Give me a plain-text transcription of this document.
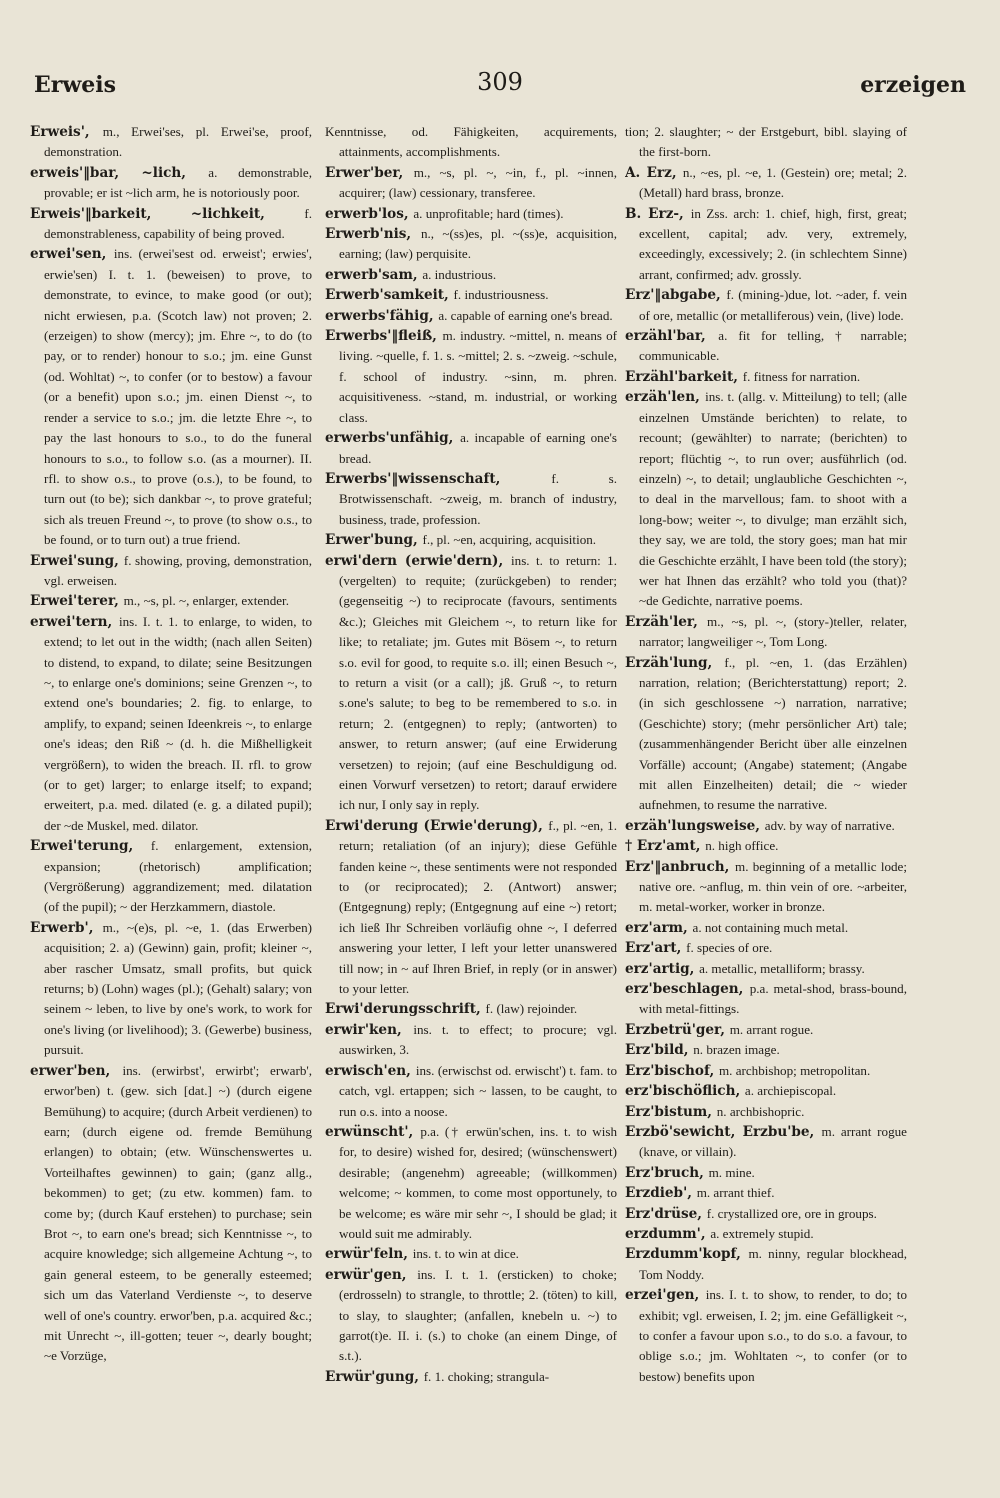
Erweis	309	erzeigen

Erweis', m., Erwei'ses, pl. Erwei'se, proof, demonstration.

erweis'‖bar, ~lich, a. demonstrable, provable; er ist ~lich arm, he is notoriously poor.

Erweis'‖barkeit, ~lichkeit, f. demonstrableness, capability of being proved.

erwei'sen, ins. (erwei'sest od. erweist'; erwies', erwie'sen) I. t. 1. (beweisen) to prove, to demonstrate, to evince, to make good (or out); nicht erwiesen, p.a. (Scotch law) not proven; 2. (erzeigen) to show (mercy); jm. Ehre ~, to do (to pay, or to render) honour to s.o.; jm. eine Gunst (od. Wohltat) ~, to confer (or to bestow) a favour (or a benefit) upon s.o.; jm. einen Dienst ~, to render a service to s.o.; jm. die letzte Ehre ~, to pay the last honours to s.o., to do the funeral honours to s.o., to follow s.o. (as a mourner). II. rfl. to show o.s., to prove (o.s.), to be found, to turn out (to be); sich dankbar ~, to prove grateful; sich als treuen Freund ~, to prove (to show o.s., to be found, or to turn out) a true friend.

Erwei'sung, f. showing, proving, demonstration, vgl. erweisen.

Erwei'terer, m., ~s, pl. ~, enlarger, extender.

erwei'tern, ins. I. t. 1. to enlarge, to widen, to extend; to let out in the width; (nach allen Seiten) to distend, to expand, to dilate; seine Besitzungen ~, to enlarge one's dominions; seine Grenzen ~, to extend one's boundaries; 2. fig. to enlarge, to amplify, to expand; seinen Ideenkreis ~, to enlarge one's ideas; den Riß ~ (d. h. die Mißhelligkeit vergrößern), to widen the breach. II. rfl. to grow (or to get) larger; to enlarge itself; to expand; erweitert, p.a. med. dilated (e. g. a dilated pupil); der ~de Muskel, med. dilator.

Erwei'terung, f. enlargement, extension, expansion; (rhetorisch) amplification; (Vergrößerung) aggrandizement; med. dilatation (of the pupil); ~ der Herzkammern, diastole.

Erwerb', m., ~(e)s, pl. ~e, 1. (das Erwerben) acquisition; 2. a) (Gewinn) gain, profit; kleiner ~, aber rascher Umsatz, small profits, but quick returns; b) (Lohn) wages (pl.); (Gehalt) salary; von seinem ~ leben, to live by one's work, to work for one's living (or livelihood); 3. (Gewerbe) business, pursuit.

erwer'ben, ins. (erwirbst', erwirbt'; erwarb', erwor'ben) t. (gew. sich [dat.] ~) (durch eigene Bemühung) to acquire; (durch Arbeit verdienen) to earn; (durch eigene od. fremde Bemühung erlangen) to obtain; (etw. Wünschenswertes u. Vorteilhaftes gewinnen) to gain; (ganz allg., bekommen) to get; (zu etw. kommen) fam. to come by; (durch Kauf erstehen) to purchase; sein Brot ~, to earn one's bread; sich Kenntnisse ~, to acquire knowledge; sich allgemeine Achtung ~, to gain general esteem, to be generally esteemed; sich um das Vaterland Verdienste ~, to deserve well of one's country. erwor'ben, p.a. acquired &c.; mit Unrecht ~, ill-gotten; teuer ~, dearly bought; ~e Vorzüge,

Kenntnisse, od. Fähigkeiten, acquirements, attainments, accomplishments.

Erwer'ber, m., ~s, pl. ~, ~in, f., pl. ~innen, acquirer; (law) cessionary, transferee.

erwerb'los, a. unprofitable; hard (times).

Erwerb'nis, n., ~(ss)es, pl. ~(ss)e, acquisition, earning; (law) perquisite.

erwerb'sam, a. industrious.

Erwerb'samkeit, f. industriousness.

erwerbs'fähig, a. capable of earning one's bread.

Erwerbs'‖fleiß, m. industry. ~mittel, n. means of living. ~quelle, f. 1. s. ~mittel; 2. s. ~zweig. ~schule, f. school of industry. ~sinn, m. phren. acquisitiveness. ~stand, m. industrial, or working class.

erwerbs'unfähig, a. incapable of earning one's bread.

Erwerbs'‖wissenschaft, f. s. Brotwissenschaft. ~zweig, m. branch of industry, business, trade, profession.

Erwer'bung, f., pl. ~en, acquiring, acquisition.

erwi'dern (erwie'dern), ins. t. to return: 1. (vergelten) to requite; (zurückgeben) to render; (gegenseitig ~) to reciprocate (favours, sentiments &c.); Gleiches mit Gleichem ~, to return like for like; to retaliate; jm. Gutes mit Bösem ~, to return s.o. evil for good, to requite s.o. ill; einen Besuch ~, to return a visit (or a call); jß. Gruß ~, to return s.one's salute; to beg to be remembered to s.o. in return; 2. (entgegnen) to reply; (antworten) to answer, to return answer; (auf eine Erwiderung versetzen) to rejoin; (auf eine Beschuldigung od. einen Vorwurf versetzen) to retort; darauf erwidere ich nur, I only say in reply.

Erwi'derung (Erwie'derung), f., pl. ~en, 1. return; retaliation (of an injury); diese Gefühle fanden keine ~, these sentiments were not responded to (or reciprocated); 2. (Antwort) answer; (Entgegnung) reply; (Entgegnung auf eine ~) retort; ich ließ Ihr Schreiben vorläufig ohne ~, I deferred answering your letter, I left your letter unanswered till now; in ~ auf Ihren Brief, in reply (or in answer) to your letter.

Erwi'derungsschrift, f. (law) rejoinder.

erwir'ken, ins. t. to effect; to procure; vgl. auswirken, 3.

erwisch'en, ins. (erwischst od. erwischt') t. fam. to catch, vgl. ertappen; sich ~ lassen, to be caught, to run o.s. into a noose.

erwünscht', p.a. († erwün'schen, ins. t. to wish for, to desire) wished for, desired; (wünschenswert) desirable; (angenehm) agreeable; (willkommen) welcome; ~ kommen, to come most opportunely, to be welcome; es wäre mir sehr ~, I should be glad; it would suit me admirably.

erwür'feln, ins. t. to win at dice.

erwür'gen, ins. I. t. 1. (ersticken) to choke; (erdrosseln) to strangle, to throttle; 2. (töten) to kill, to slay, to slaughter; (anfallen, knebeln u. ~) to garrot(t)e. II. i. (s.) to choke (an einem Dinge, of s.t.).

Erwür'gung, f. 1. choking; strangula-

tion; 2. slaughter; ~ der Erstgeburt, bibl. slaying of the first-born.

A. Erz, n., ~es, pl. ~e, 1. (Gestein) ore; metal; 2. (Metall) hard brass, bronze.

B. Erz-, in Zss. arch: 1. chief, high, first, great; excellent, capital; adv. very, extremely, exceedingly, excessively; 2. (in schlechtem Sinne) arrant, confirmed; adv. grossly.

Erz'‖abgabe, f. (mining-)due, lot. ~ader, f. vein of ore, metallic (or metalliferous) vein, (live) lode.

erzähl'bar, a. fit for telling, † narrable; communicable.

Erzähl'barkeit, f. fitness for narration.

erzäh'len, ins. t. (allg. v. Mitteilung) to tell; (alle einzelnen Umstände berichten) to relate, to recount; (gewählter) to narrate; (berichten) to report; flüchtig ~, to run over; ausführlich (od. einzeln) ~, to detail; unglaubliche Geschichten ~, to deal in the marvellous; fam. to shoot with a long-bow; weiter ~, to divulge; man erzählt sich, they say, we are told, the story goes; man hat mir die Geschichte erzählt, I have been told (the story); wer hat Ihnen das erzählt? who told you (that)? ~de Gedichte, narrative poems.

Erzäh'ler, m., ~s, pl. ~, (story-)teller, relater, narrator; langweiliger ~, Tom Long.

Erzäh'lung, f., pl. ~en, 1. (das Erzählen) narration, relation; (Berichterstattung) report; 2. (in sich geschlossene ~) narration, narrative; (Geschichte) story; (mehr persönlicher Art) tale; (zusammenhängender Bericht über alle einzelnen Vorfälle) account; (Angabe) statement; (Angabe mit allen Einzelheiten) detail; die ~ wieder aufnehmen, to resume the narrative.

erzäh'lungsweise, adv. by way of narrative.

† Erz'amt, n. high office.

Erz'‖anbruch, m. beginning of a metallic lode; native ore. ~anflug, m. thin vein of ore. ~arbeiter, m. metal-worker, worker in bronze.

erz'arm, a. not containing much metal.

Erz'art, f. species of ore.

erz'artig, a. metallic, metalliform; brassy.

erz'beschlagen, p.a. metal-shod, brass-bound, with metal-fittings.

Erzbetrü'ger, m. arrant rogue.

Erz'bild, n. brazen image.

Erz'bischof, m. archbishop; metropolitan.

erz'bischöflich, a. archiepiscopal.

Erz'bistum, n. archbishopric.

Erzbö'sewicht, Erzbu'be, m. arrant rogue (knave, or villain).

Erz'bruch, m. mine.

Erzdieb', m. arrant thief.

Erz'drüse, f. crystallized ore, ore in groups.

erzdumm', a. extremely stupid.

Erzdumm'kopf, m. ninny, regular blockhead, Tom Noddy.

erzei'gen, ins. I. t. to show, to render, to do; to exhibit; vgl. erweisen, I. 2; jm. eine Gefälligkeit ~, to confer a favour upon s.o., to do s.o. a favour, to oblige s.o.; jm. Wohltaten ~, to confer (or to bestow) benefits upon
